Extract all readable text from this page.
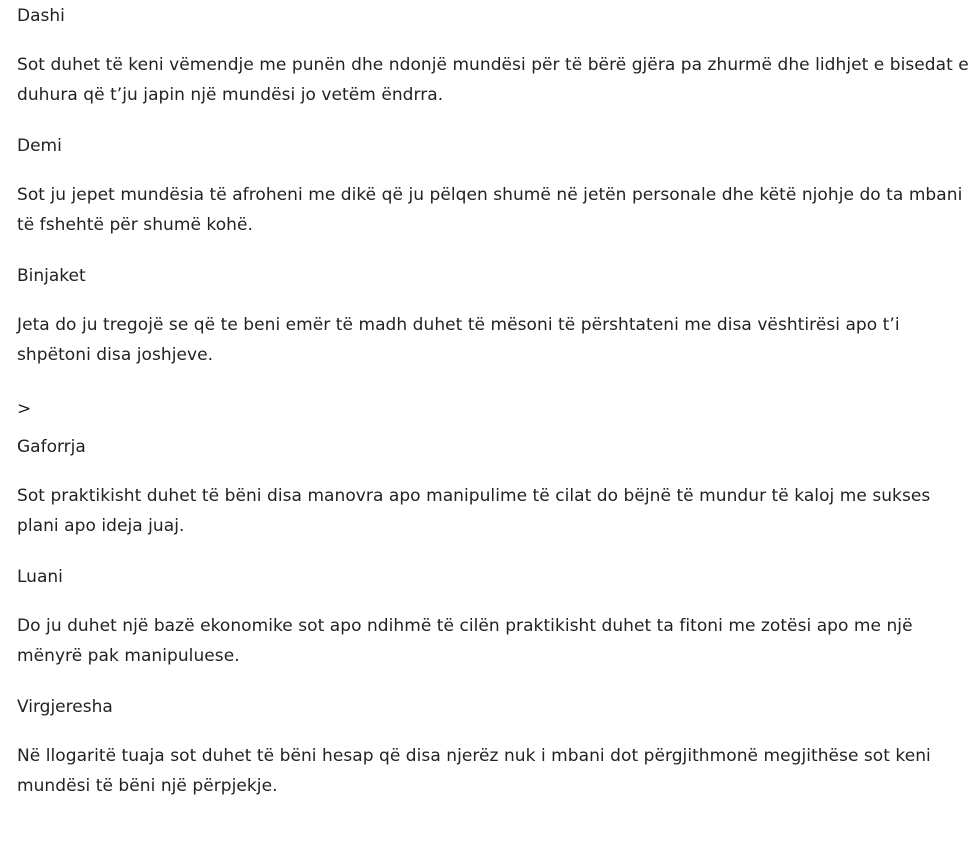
Dashi

Sot duhet të keni vëmendje me punën dhe ndonjë mundësi për të bërë gjëra pa zhurmë dhe lidhjet e bisedat e duhura që t’ju japin një mundësi jo vetëm ëndrra.

Demi

Sot ju jepet mundësia të afroheni me dikë që ju pëlqen shumë në jetën personale dhe këtë njohje do ta mbani të fshehtë për shumë kohë.

Binjaket

Jeta do ju tregojë se që te beni emër të madh duhet të mësoni të përshtateni me disa vështirësi apo t’i shpëtoni disa joshjeve.

>

Gaforrja

Sot praktikisht duhet të bëni disa manovra apo manipulime të cilat do bëjnë të mundur të kaloj me sukses plani apo ideja juaj.

Luani

Do ju duhet një bazë ekonomike sot apo ndihmë të cilën praktikisht duhet ta fitoni me zotësi apo me një mënyrë pak manipuluese.

Virgjeresha

Në llogaritë tuaja sot duhet të bëni hesap që disa njerëz nuk i mbani dot përgjithmonë megjithëse sot keni mundësi të bëni një përpjekje.
